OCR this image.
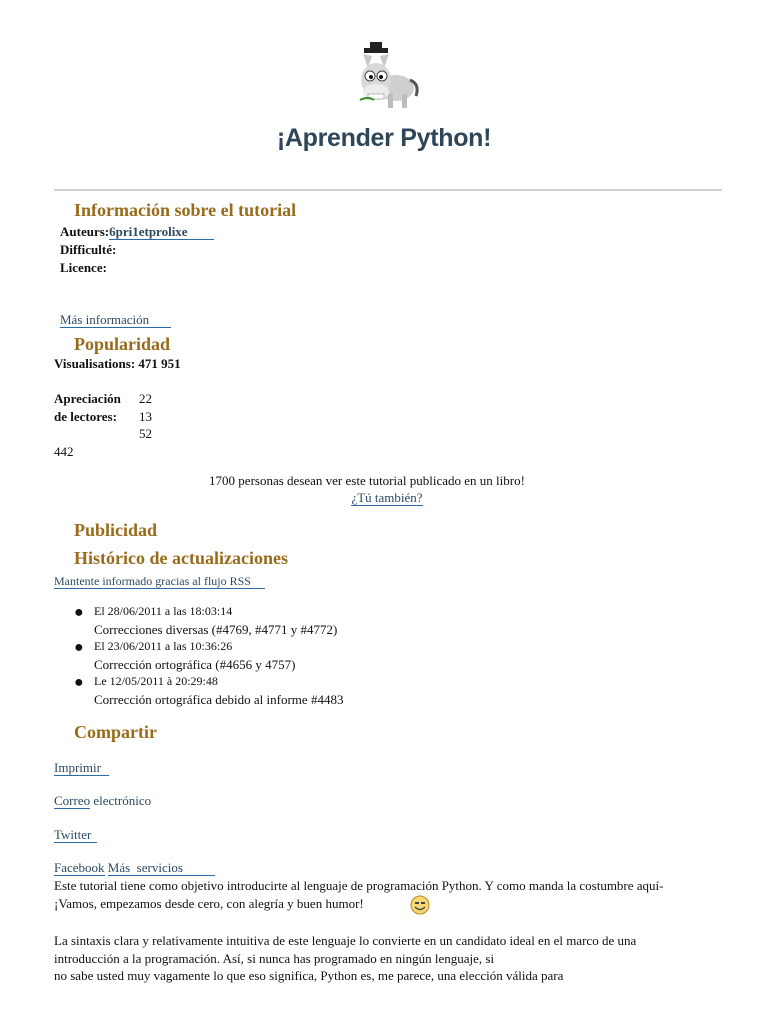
¡Aprender Python!
Información sobre el tutorial
Auteurs:6pri1etprolixe
Difficulté:
Licence:
Más información
Popularidad
Visualisations: 471 951
Apreciación
de lectores:
22
13
52
442
1700 personas desean ver este tutorial publicado en un libro!
¿Tú también?
Publicidad
Histórico de actualizaciones
Mantente informado gracias al flujo RSS
● El 28/06/2011 a las 18:03:14
Correcciones diversas (#4769, #4771 y #4772)
● El 23/06/2011 a las 10:36:26
Corrección ortográfica (#4656 y 4757)
● Le 12/05/2011 à 20:29:48
Corrección ortográfica debido al informe #4483
Compartir
Imprimir
Correo electrónico
Twitter
Facebook Más  servicios
Este tutorial tiene como objetivo introducirte al lenguaje de programación Python. Y como manda la costumbre aquí-
¡Vamos, empezamos desde cero, con alegría y buen humor!
La sintaxis clara y relativamente intuitiva de este lenguaje lo convierte en un candidato ideal en el marco de una
introducción a la programación. Así, si nunca has programado en ningún lenguaje, si
no sabe usted muy vagamente lo que eso significa, Python es, me parece, una elección válida para
